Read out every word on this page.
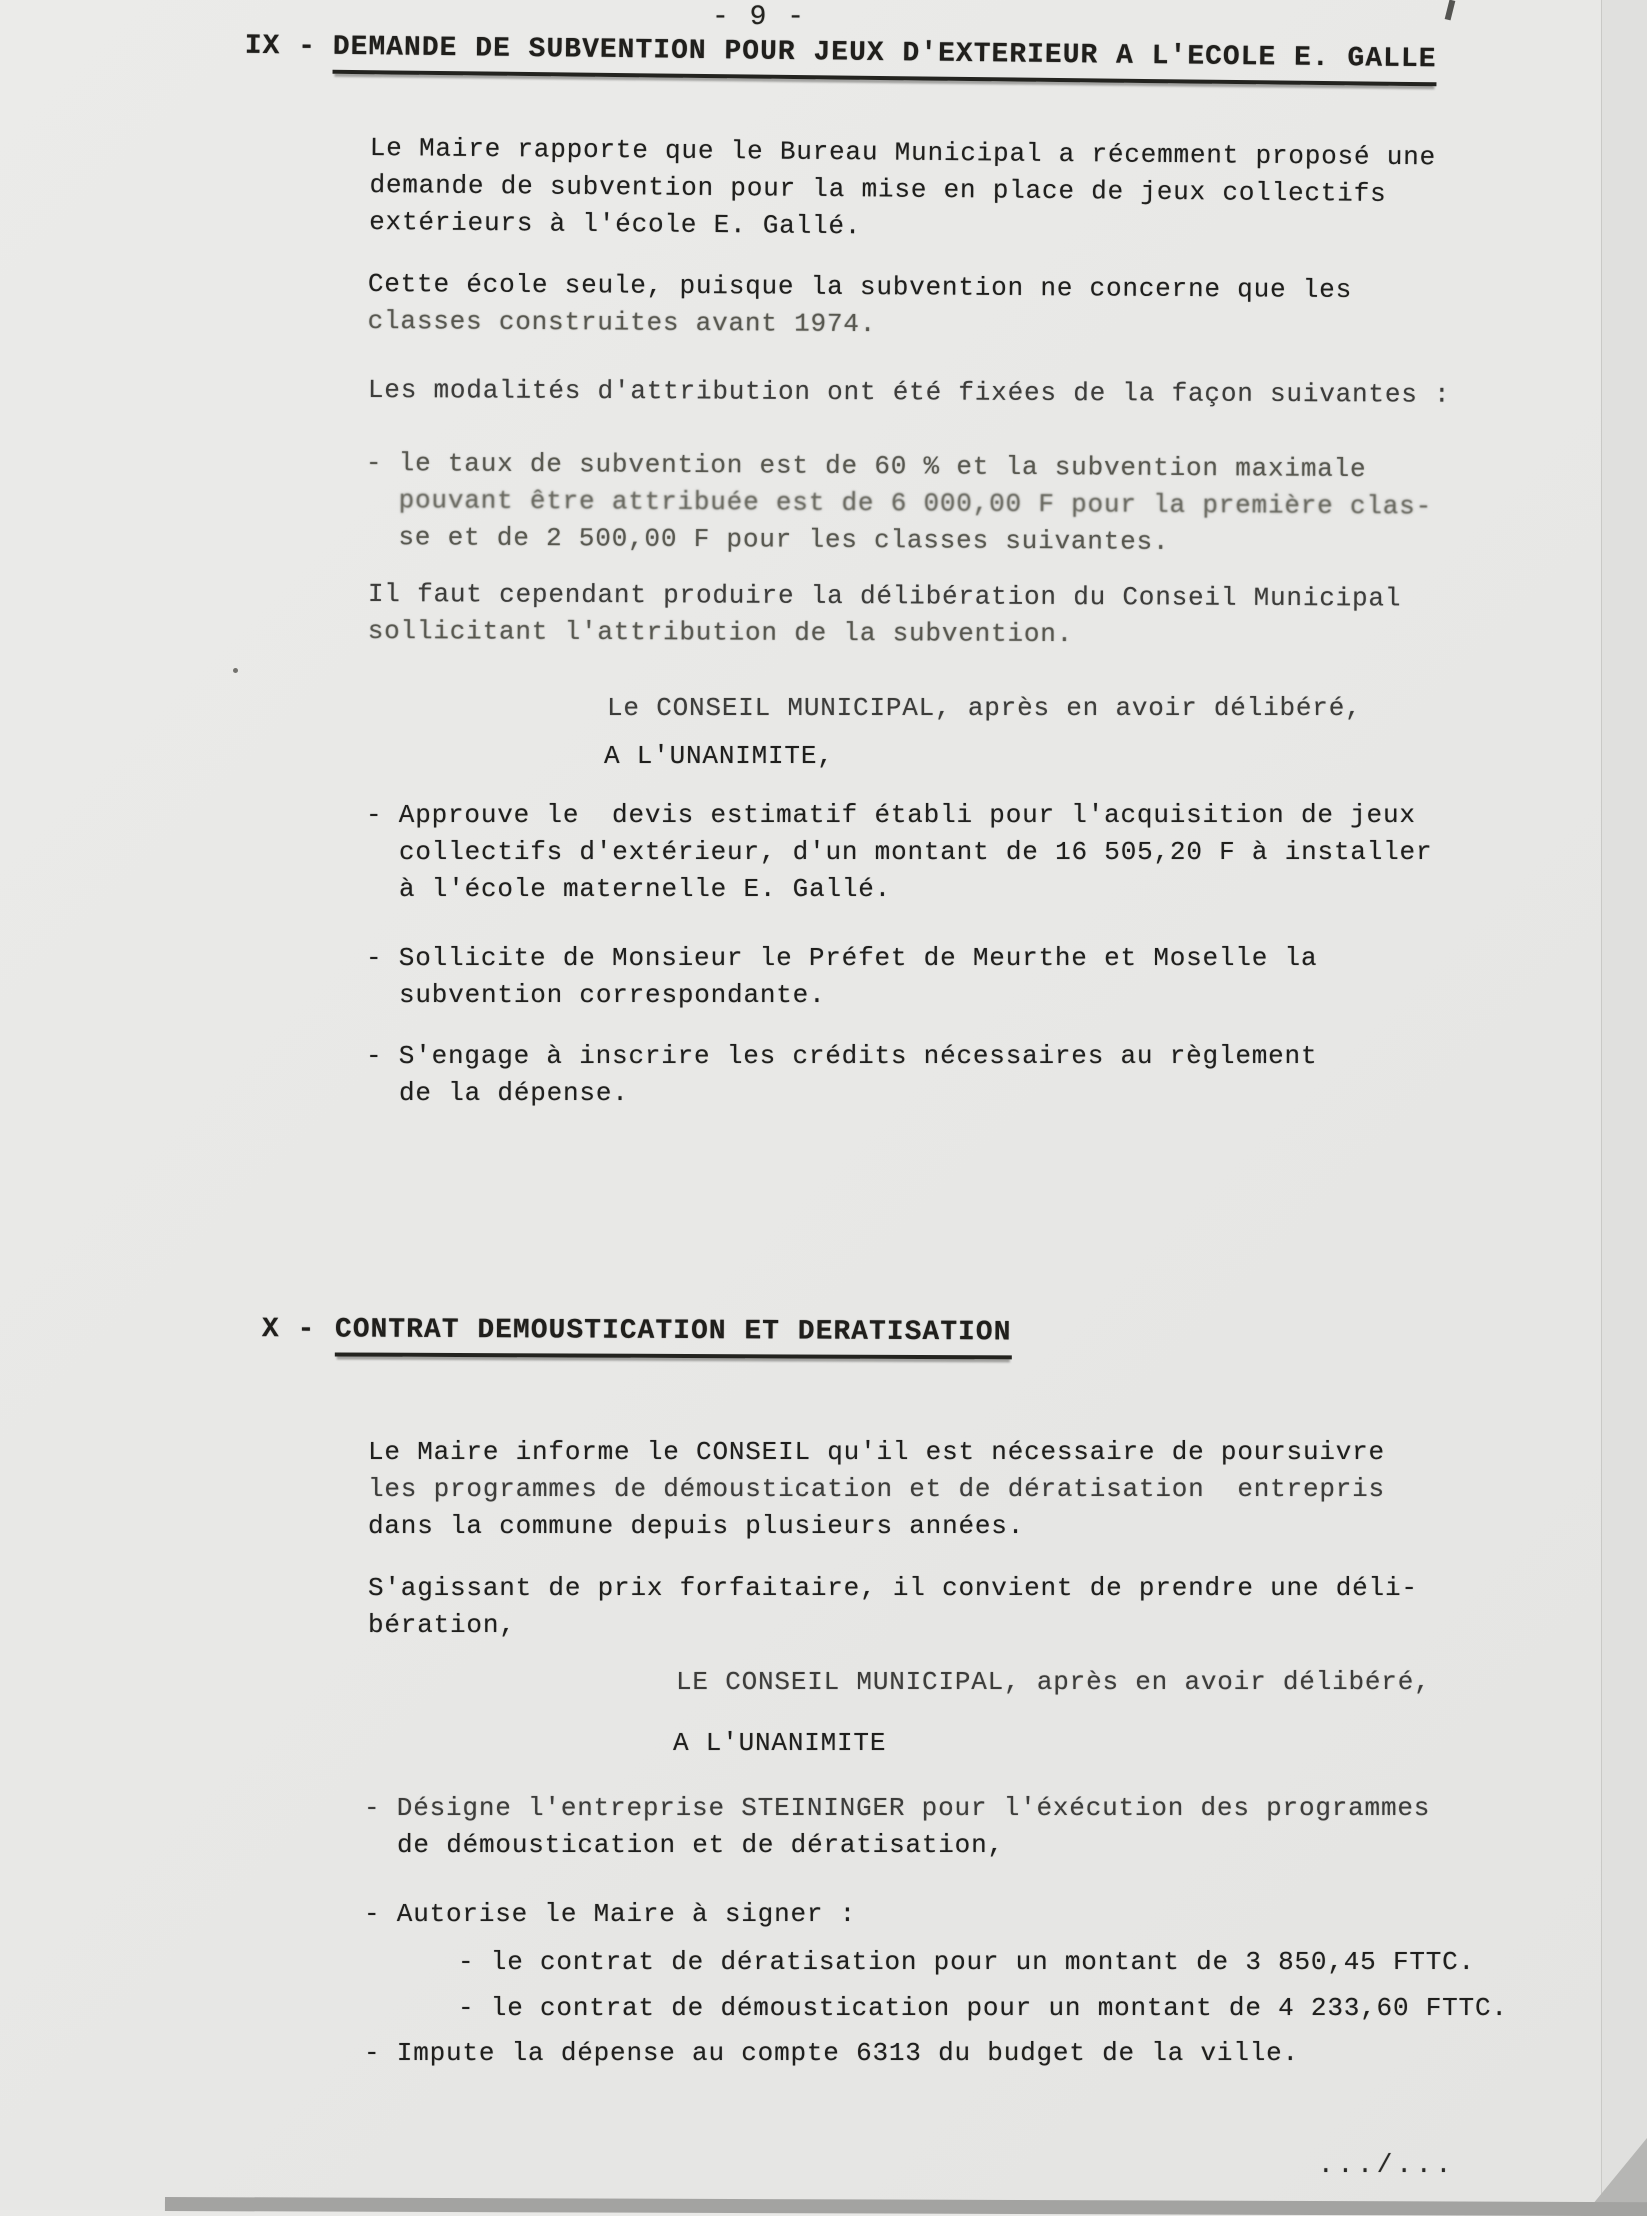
- 9 -

IX -

DEMANDE DE SUBVENTION POUR JEUX D'EXTERIEUR A L'ECOLE E. GALLE

Le Maire rapporte que le Bureau Municipal a récemment proposé une
demande de subvention pour la mise en place de jeux collectifs
extérieurs à l'école E. Gallé.
Cette école seule, puisque la subvention ne concerne que les
classes construites avant 1974.
Les modalités d'attribution ont été fixées de la façon suivantes :
- le taux de subvention est de 60 % et la subvention maximale
pouvant être attribuée est de 6 000,00 F pour la première clas-
se et de 2 500,00 F pour les classes suivantes.
Il faut cependant produire la délibération du Conseil Municipal
sollicitant l'attribution de la subvention.
Le CONSEIL MUNICIPAL, après en avoir délibéré,
A L'UNANIMITE,
- Approuve le  devis estimatif établi pour l'acquisition de jeux
collectifs d'extérieur, d'un montant de 16 505,20 F à installer
à l'école maternelle E. Gallé.
- Sollicite de Monsieur le Préfet de Meurthe et Moselle la
subvention correspondante.
- S'engage à inscrire les crédits nécessaires au règlement
de la dépense.

X -

CONTRAT DEMOUSTICATION ET DERATISATION

Le Maire informe le CONSEIL qu'il est nécessaire de poursuivre
les programmes de démoustication et de dératisation  entrepris
dans la commune depuis plusieurs années.
S'agissant de prix forfaitaire, il convient de prendre une déli-
bération,
LE CONSEIL MUNICIPAL, après en avoir délibéré,
A L'UNANIMITE
- Désigne l'entreprise STEININGER pour l'éxécution des programmes
de démoustication et de dératisation,
- Autorise le Maire à signer :
- le contrat de dératisation pour un montant de 3 850,45 FTTC.
- le contrat de démoustication pour un montant de 4 233,60 FTTC.
- Impute la dépense au compte 6313 du budget de la ville.
.../...
